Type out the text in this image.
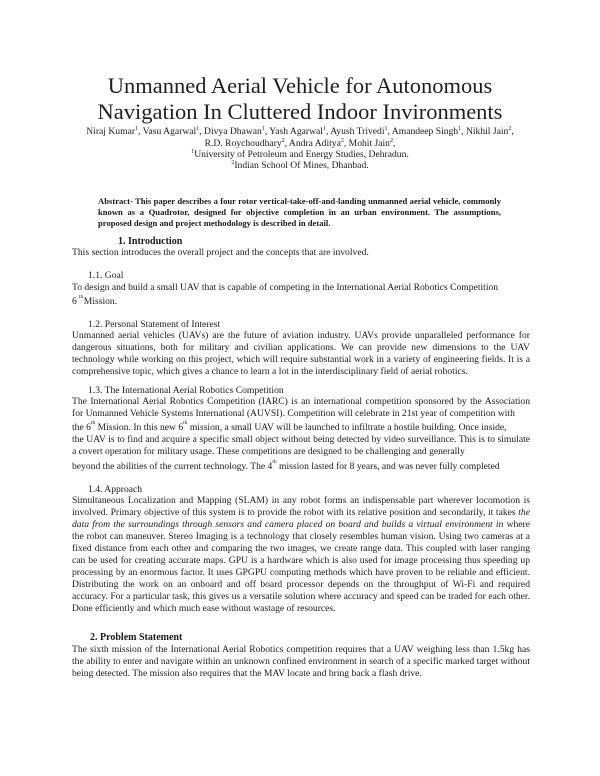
Unmanned Aerial Vehicle for Autonomous
Navigation In Cluttered Indoor Invironments
Niraj Kumar$^1$, Vasu Agarwal$^1$, Divya Dhawan$^1$, Yash Agarwal$^1$, Ayush Trivedi$^1$, Amandeep Singh$^1$, Nikhil Jain$^2$,
R.D. Roychoudhary$^2$, Andra Aditya$^2$, Mohit Jain$^2$,
$^1$University of Petroleum and Energy Studies, Dehradun.
$^2$Indian School Of Mines, Dhanbad.
Abstract- This paper describes a four rotor vertical-take-off-and-landing unmanned aerial vehicle, commonly known as a Quadrotor, designed for objective completion in an urban environment. The assumptions, proposed design and project methodology is described in detail.
1. Introduction
This section introduces the overall project and the concepts that are involved.
1.1. Goal
To design and build a small UAV that is capable of competing in the International Aerial Robotics Competition
6 th Mission.
1.2. Personal Statement of Interest
Unmanned aerial vehicles (UAVs) are the future of aviation industry. UAVs provide unparalleled performance for dangerous situations, both for military and civilian applications. We can provide new dimensions to the UAV technology while working on this project, which will require substantial work in a variety of engineering fields. It is a comprehensive topic, which gives a chance to learn a lot in the interdisciplinary field of aerial robotics.
1.3. The International Aerial Robotics Competition
The International Aerial Robotics Competition (IARC) is an international competition sponsored by the Association for Unmanned Vehicle Systems International (AUVSI). Competition will celebrate in 21st year of competition with
the 6th Mission. In this new 6th mission, a small UAV will be launched to infiltrate a hostile building. Once inside,
the UAV is to find and acquire a specific small object without being detected by video surveillance. This is to simulate a covert operation for military usage. These competitions are designed to be challenging and generally
beyond the abilities of the current technology. The 4th mission lasted for 8 years, and was never fully completed
1.4. Approach
Simultaneous Localization and Mapping (SLAM) in any robot forms an indispensable part wherever locomotion is involved. Primary objective of this system is to provide the robot with its relative position and secondarily, it takes the data from the surroundings through sensors and camera placed on board and builds a virtual environment in where the robot can maneuver. Stereo Imaging is a technology that closely resembles human vision. Using two cameras at a fixed distance from each other and comparing the two images, we create range data. This coupled with laser ranging can be used for creating accurate maps. GPU is a hardware which is also used for image processing thus speeding up processing by an enormous factor. It uses GPGPU computing methods which have proven to be reliable and efficient. Distributing the work on an onboard and off board processor depends on the throughput of Wi-Fi and required accuracy. For a particular task, this gives us a versatile solution where accuracy and speed can be traded for each other. Done efficiently and which much ease without wastage of resources.
2. Problem Statement
The sixth mission of the International Aerial Robotics competition requires that a UAV weighing less than 1.5kg has the ability to enter and navigate within an unknown confined environment in search of a specific marked target without being detected. The mission also requires that the MAV locate and bring back a flash drive.
